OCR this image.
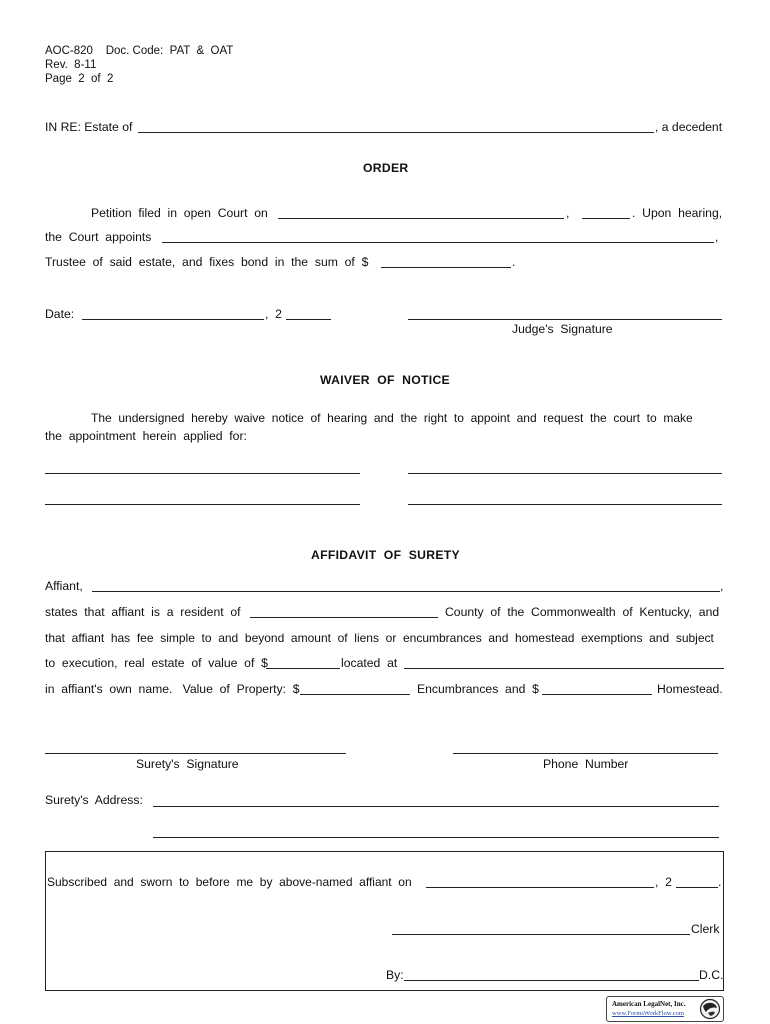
AOC-820    Doc. Code:  PAT  &  OAT
Rev.  8-11
Page  2  of  2
IN RE: Estate of	, a decedent
ORDER
Petition  filed  in  open  Court  on	,	.  Upon  hearing,
the  Court  appoints	,
Trustee  of  said  estate,  and  fixes  bond  in  the  sum  of  $	.
Date:	,  2
Judge's  Signature
WAIVER  OF  NOTICE
The  undersigned  hereby  waive  notice  of  hearing  and  the  right  to  appoint  and  request  the  court  to  make
the  appointment  herein  applied  for:
AFFIDAVIT  OF  SURETY
Affiant,	,
states  that  affiant  is  a  resident  of	County  of  the  Commonwealth  of  Kentucky,  and
that  affiant  has  fee  simple  to  and  beyond  amount  of  liens  or  encumbrances  and  homestead  exemptions  and  subject
to  execution,  real  estate  of  value  of  $	located  at
in  affiant's  own  name.   Value  of  Property:  $	Encumbrances  and  $	Homestead.
Surety's  Signature	Phone  Number
Surety's  Address:
Subscribed  and  sworn  to  before  me  by  above-named  affiant  on	,  2	.
Clerk
By:	D.C.
American LegalNet, Inc.
www.FormsWorkFlow.com
